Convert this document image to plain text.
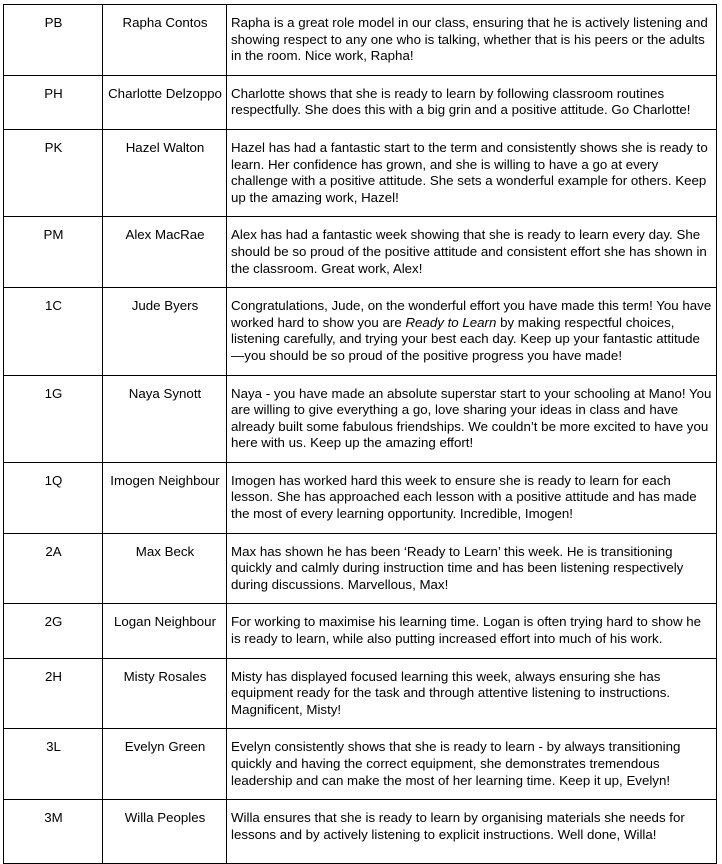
PB	Rapha Contos	Rapha is a great role model in our class, ensuring that he is actively listening and showing respect to any one who is talking, whether that is his peers or the adults in the room. Nice work, Rapha!
PH	Charlotte Delzoppo	Charlotte shows that she is ready to learn by following classroom routines respectfully. She does this with a big grin and a positive attitude. Go Charlotte!
PK	Hazel Walton	Hazel has had a fantastic start to the term and consistently shows she is ready to learn. Her confidence has grown, and she is willing to have a go at every challenge with a positive attitude. She sets a wonderful example for others. Keep up the amazing work, Hazel!
PM	Alex MacRae	Alex has had a fantastic week showing that she is ready to learn every day. She should be so proud of the positive attitude and consistent effort she has shown in the classroom. Great work, Alex!
1C	Jude Byers	Congratulations, Jude, on the wonderful effort you have made this term! You have worked hard to show you are Ready to Learn by making respectful choices, listening carefully, and trying your best each day. Keep up your fantastic attitude—you should be so proud of the positive progress you have made!
1G	Naya Synott	Naya - you have made an absolute superstar start to your schooling at Mano! You are willing to give everything a go, love sharing your ideas in class and have already built some fabulous friendships. We couldn’t be more excited to have you here with us. Keep up the amazing effort!
1Q	Imogen Neighbour	Imogen has worked hard this week to ensure she is ready to learn for each lesson. She has approached each lesson with a positive attitude and has made the most of every learning opportunity. Incredible, Imogen!
2A	Max Beck	Max has shown he has been ‘Ready to Learn’ this week. He is transitioning quickly and calmly during instruction time and has been listening respectively during discussions. Marvellous, Max!
2G	Logan Neighbour	For working to maximise his learning time. Logan is often trying hard to show he is ready to learn, while also putting increased effort into much of his work.
2H	Misty Rosales	Misty has displayed focused learning this week, always ensuring she has equipment ready for the task and through attentive listening to instructions. Magnificent, Misty!
3L	Evelyn Green	Evelyn consistently shows that she is ready to learn - by always transitioning quickly and having the correct equipment, she demonstrates tremendous leadership and can make the most of her learning time. Keep it up, Evelyn!
3M	Willa Peoples	Willa ensures that she is ready to learn by organising materials she needs for lessons and by actively listening to explicit instructions. Well done, Willa!
